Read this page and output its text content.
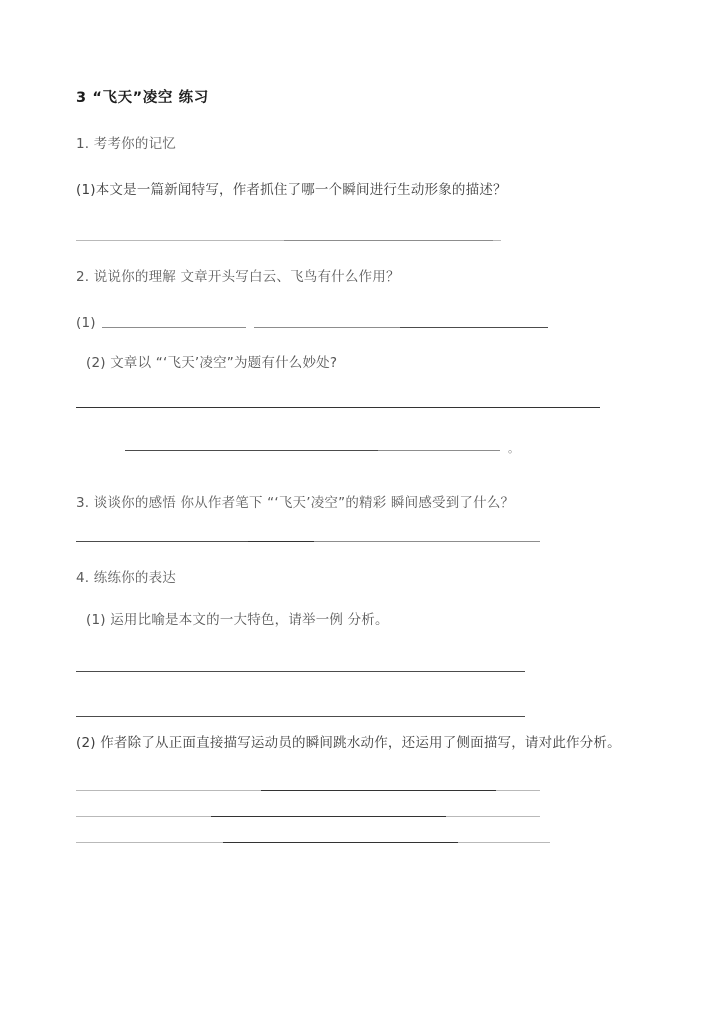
3 “飞天”凌空 练习
1. 考考你的记忆
(1)本文是一篇新闻特写，作者抓住了哪一个瞬间进行生动形象的描述？
2. 说说你的理解 文章开头写白云、飞鸟有什么作用？
(1)
(2) 文章以 “‘飞天’凌空”为题有什么妙处?
。
3. 谈谈你的感悟 你从作者笔下 “‘飞天’凌空”的精彩 瞬间感受到了什么？
4. 练练你的表达
(1) 运用比喻是本文的一大特色，请举一例 分析。
(2) 作者除了从正面直接描写运动员的瞬间跳水动作，还运用了侧面描写，请对此作分析。
